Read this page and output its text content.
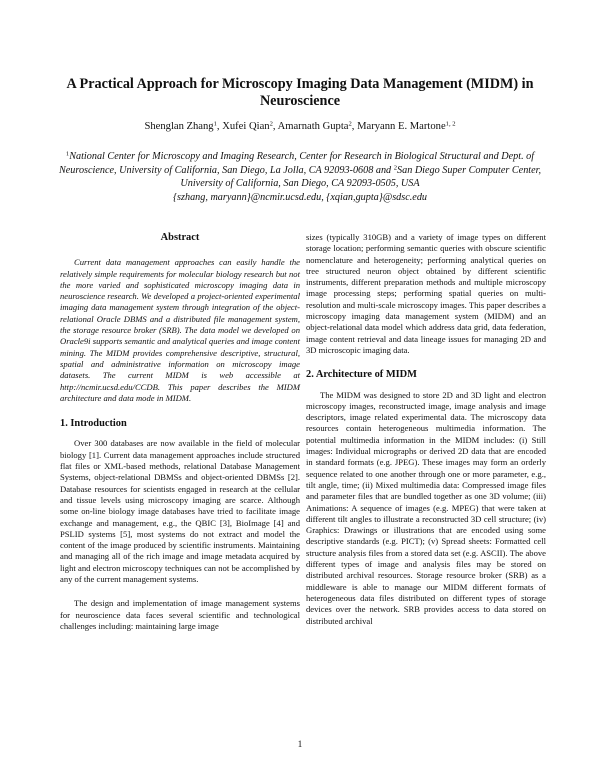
A Practical Approach for Microscopy Imaging Data Management (MIDM) in Neuroscience
Shenglan Zhang$^1$, Xufei Qian$^2$, Amarnath Gupta$^2$, Maryann E. Martone$^{1, 2}$
$^1$National Center for Microscopy and Imaging Research, Center for Research in Biological Structural and Dept. of Neuroscience, University of California, San Diego, La Jolla, CA 92093-0608 and $^2$San Diego Super Computer Center, University of California, San Diego, CA 92093-0505, USA
{szhang, maryann}@ncmir.ucsd.edu, {xqian,gupta}@sdsc.edu
Abstract

Current data management approaches can easily handle the relatively simple requirements for molecular biology research but not the more varied and sophisticated microscopy imaging data in neuroscience research. We developed a project-oriented experimental imaging data management system through integration of the object-relational Oracle DBMS and a distributed file management system, the storage resource broker (SRB). The data model we developed on Oracle9i supports semantic and analytical queries and image content mining. The MIDM provides comprehensive descriptive, structural, spatial and administrative information on microscopy image datasets. The current MIDM is web accessible at http://ncmir.ucsd.edu/CCDB. This paper describes the MIDM architecture and data mode in MIDM.

1. Introduction

Over 300 databases are now available in the field of molecular biology [1]. Current data management approaches include structured flat files or XML-based methods, relational Database Management Systems, object-relational DBMSs and object-oriented DBMSs [2]. Database resources for scientists engaged in research at the cellular and tissue levels using microscopy imaging are scarce. Although some on-line biology image databases have tried to facilitate image exchange and management, e.g., the QBIC [3], BioImage [4] and PSLID systems [5], most systems do not extract and model the content of the image produced by scientific instruments. Maintaining and managing all of the rich image and image metadata acquired by light and electron microscopy techniques can not be accomplished by any of the current management systems.

The design and implementation of image management systems for neuroscience data faces several scientific and technological challenges including: maintaining large image

sizes (typically 310GB) and a variety of image types on different storage location; performing semantic queries with obscure scientific nomenclature and heterogeneity; performing analytical queries on tree structured neuron object obtained by different scientific instruments, different preparation methods and multiple microscopy image processing steps; performing spatial queries on multi-resolution and multi-scale microscopy images. This paper describes a microscopy imaging data management system (MIDM) and an object-relational data model which address data grid, data federation, image content retrieval and data lineage issues for managing 2D and 3D microscopic imaging data.

2. Architecture of MIDM

The MIDM was designed to store 2D and 3D light and electron microscopy images, reconstructed image, image analysis and image descriptors, image related experimental data. The microscopy data resources contain heterogeneous multimedia information. The potential multimedia information in the MIDM includes: (i) Still images: Individual micrographs or derived 2D data that are encoded in standard formats (e.g. JPEG). These images may form an orderly sequence related to one another through one or more parameter, e.g., tilt angle, time; (ii) Mixed multimedia data: Compressed image files and parameter files that are bundled together as one 3D volume; (iii) Animations: A sequence of images (e.g. MPEG) that were taken at different tilt angles to illustrate a reconstructed 3D cell structure; (iv) Graphics: Drawings or illustrations that are encoded using some descriptive standards (e.g. PICT); (v) Spread sheets: Formatted cell structure analysis files from a stored data set (e.g. ASCII). The above different types of image and analysis files may be stored on distributed archival resources. Storage resource broker (SRB) as a middleware is able to manage our MIDM different formats of heterogeneous data files distributed on different types of storage devices over the network. SRB provides access to data stored on distributed archival

1
